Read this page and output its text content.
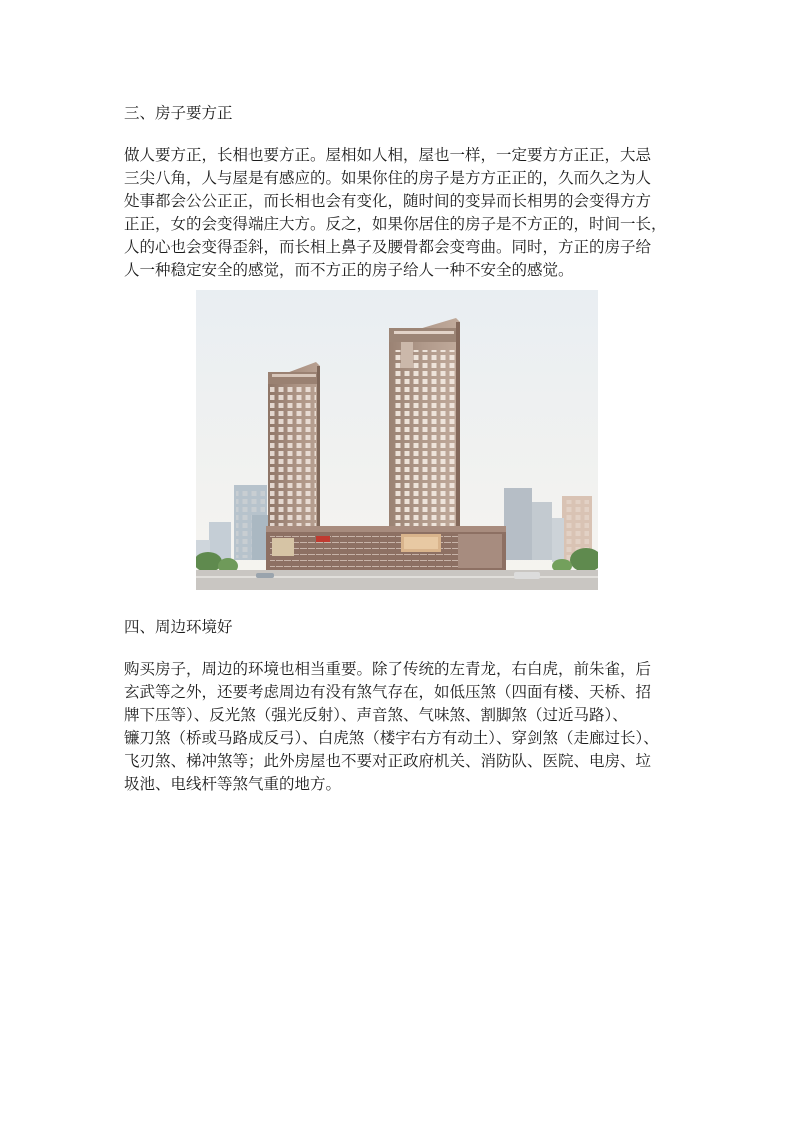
三、房子要方正

做人要方正，长相也要方正。屋相如人相，屋也一样，一定要方方正正，大忌
三尖八角，人与屋是有感应的。如果你住的房子是方方正正的，久而久之为人
处事都会公公正正，而长相也会有变化，随时间的变异而长相男的会变得方方
正正，女的会变得端庄大方。反之，如果你居住的房子是不方正的，时间一长，
人的心也会变得歪斜，而长相上鼻子及腰骨都会变弯曲。同时，方正的房子给
人一种稳定安全的感觉，而不方正的房子给人一种不安全的感觉。

四、周边环境好

购买房子，周边的环境也相当重要。除了传统的左青龙，右白虎，前朱雀，后
玄武等之外，还要考虑周边有没有煞气存在，如低压煞（四面有楼、天桥、招
牌下压等）、反光煞（强光反射）、声音煞、气味煞、割脚煞（过近马路）、
镰刀煞（桥或马路成反弓）、白虎煞（楼宇右方有动土）、穿剑煞（走廊过长）、
飞刃煞、梯冲煞等；此外房屋也不要对正政府机关、消防队、医院、电房、垃
圾池、电线杆等煞气重的地方。
